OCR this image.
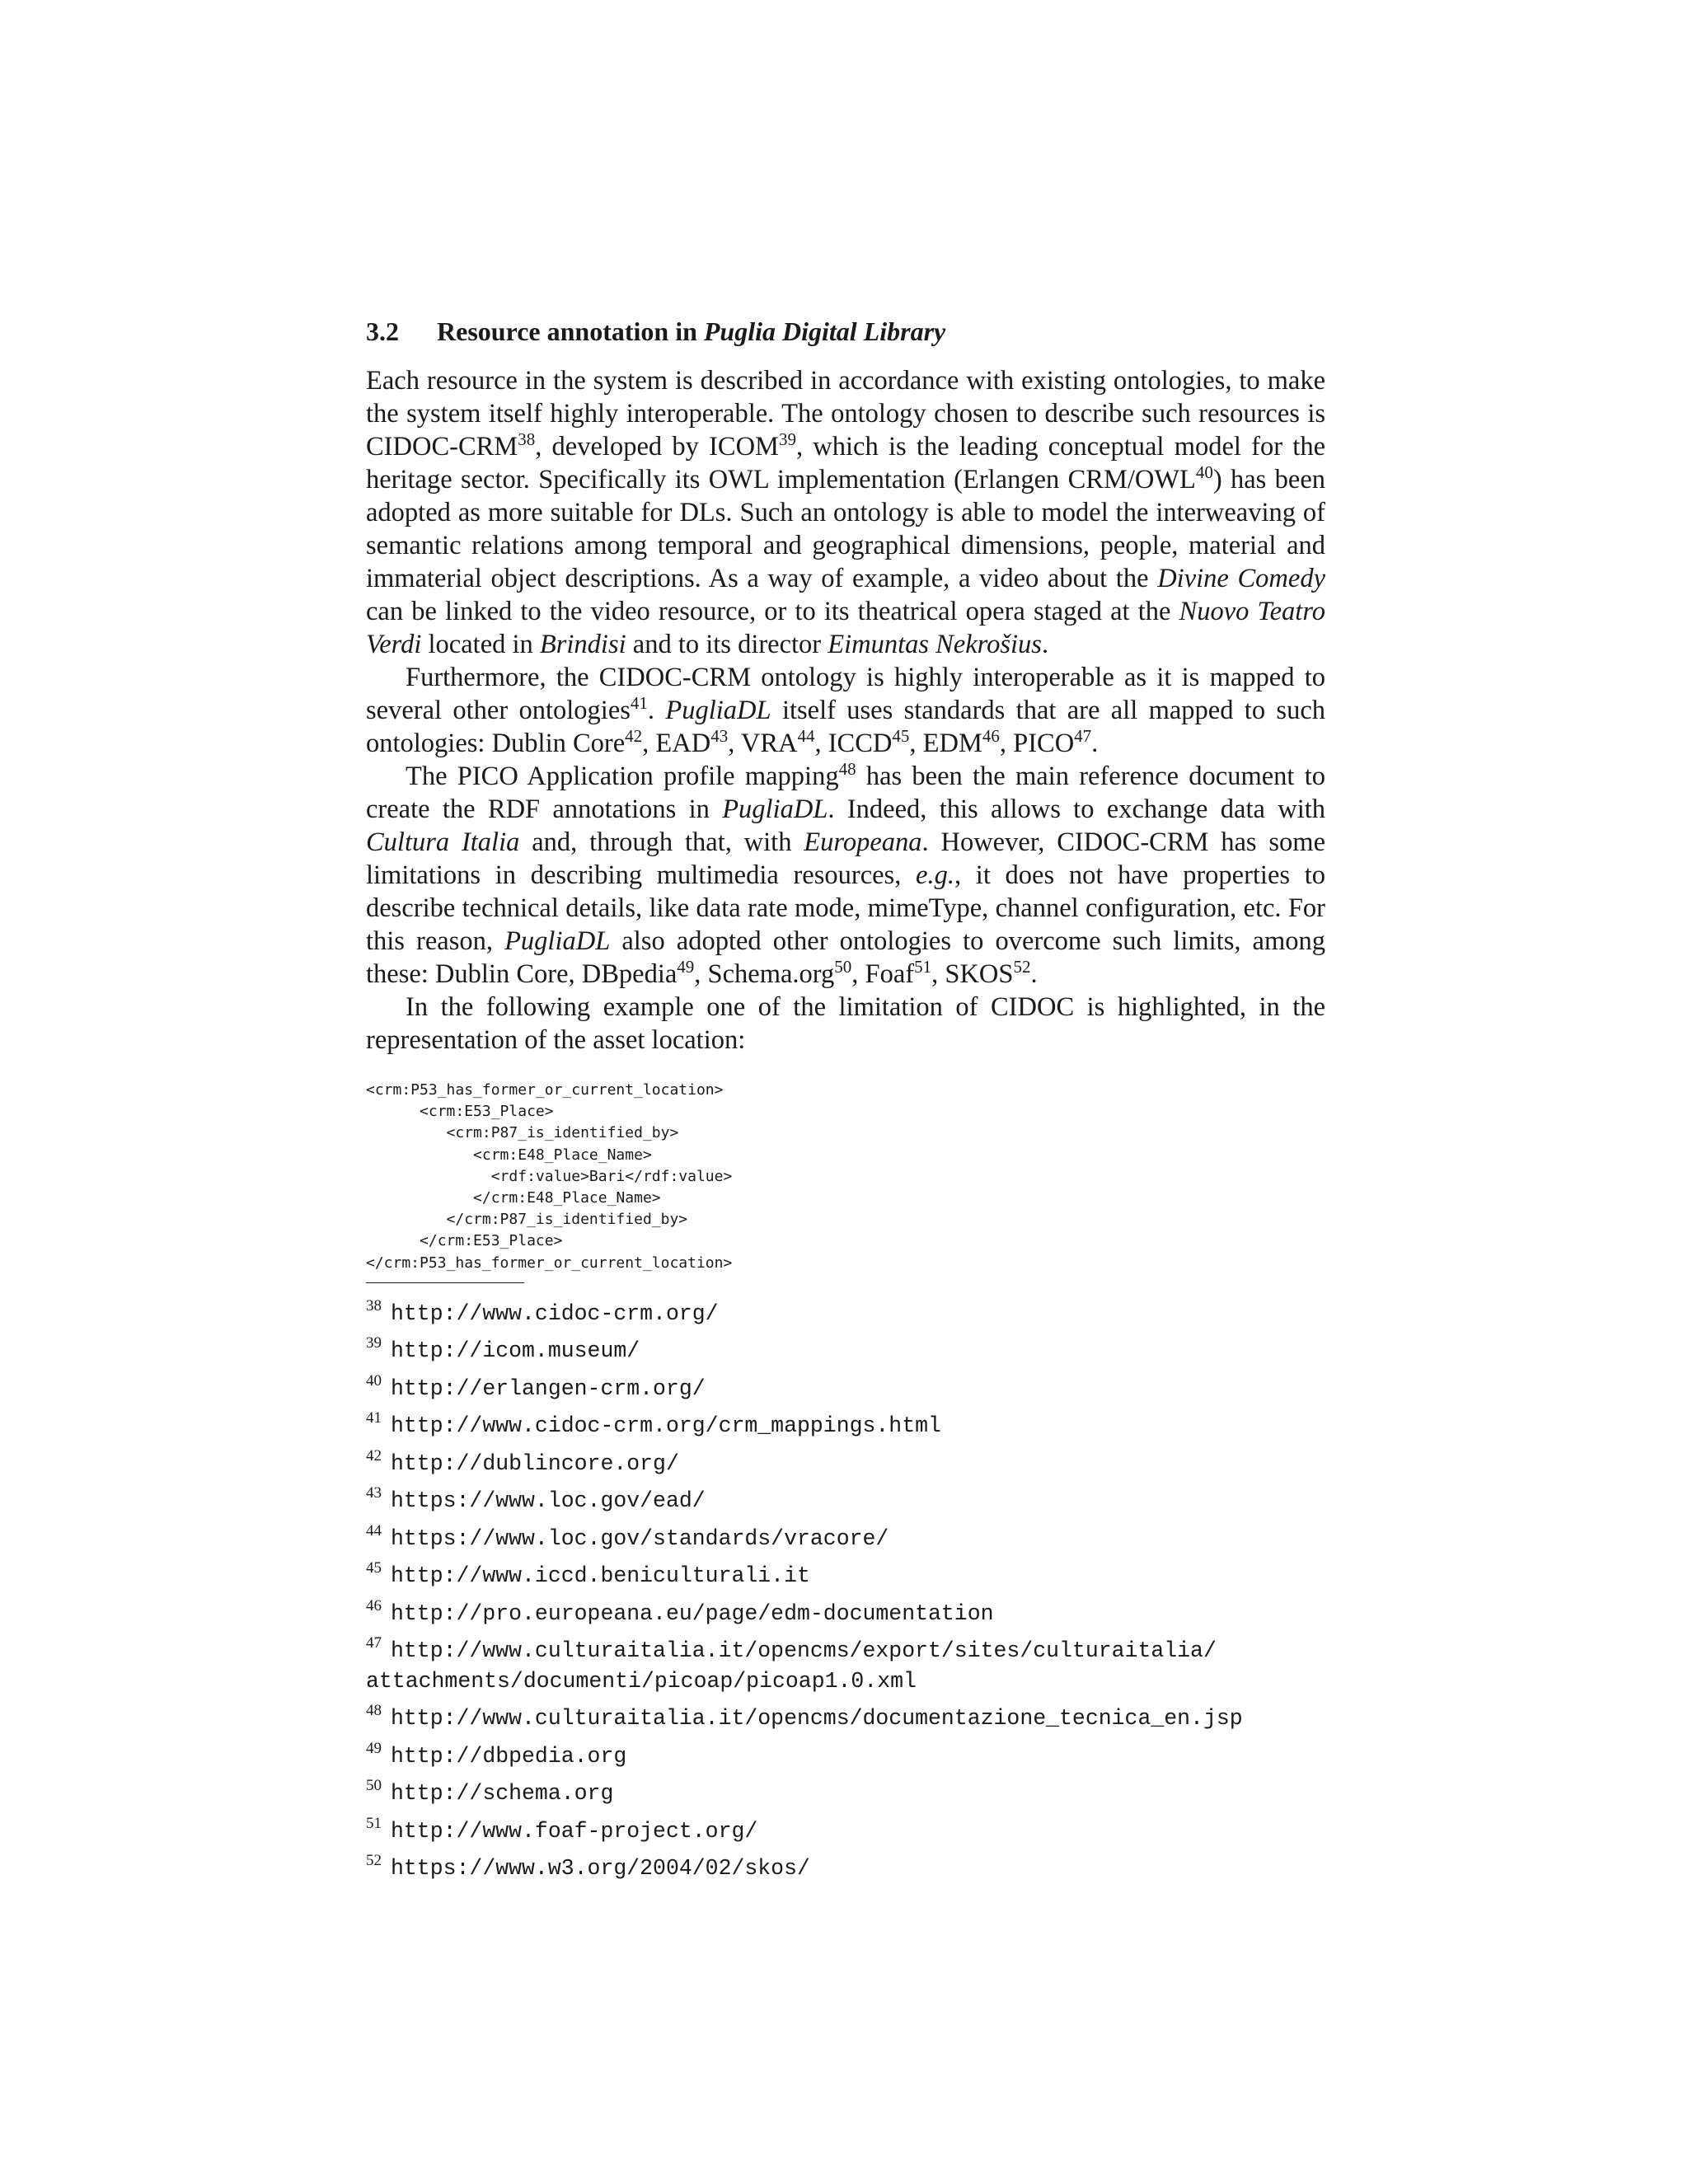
3.2 Resource annotation in Puglia Digital Library

Each resource in the system is described in accordance with existing ontologies, to make the system itself highly interoperable. The ontology chosen to describe such resources is CIDOC-CRM$^{38}$, developed by ICOM$^{39}$, which is the leading conceptual model for the heritage sector. Specifically its OWL implementation (Erlangen CRM/OWL$^{40}$) has been adopted as more suitable for DLs. Such an ontology is able to model the interweaving of semantic relations among temporal and geographical dimensions, people, material and immaterial object descriptions. As a way of example, a video about the Divine Comedy can be linked to the video resource, or to its theatrical opera staged at the Nuovo Teatro Verdi located in Brindisi and to its director Eimuntas Nekrošius.

Furthermore, the CIDOC-CRM ontology is highly interoperable as it is mapped to several other ontologies$^{41}$. PugliaDL itself uses standards that are all mapped to such ontologies: Dublin Core$^{42}$, EAD$^{43}$, VRA$^{44}$, ICCD$^{45}$, EDM$^{46}$, PICO$^{47}$.

The PICO Application profile mapping$^{48}$ has been the main reference document to create the RDF annotations in PugliaDL. Indeed, this allows to exchange data with Cultura Italia and, through that, with Europeana. However, CIDOC-CRM has some limitations in describing multimedia resources, e.g., it does not have properties to describe technical details, like data rate mode, mimeType, channel configuration, etc. For this reason, PugliaDL also adopted other ontologies to overcome such limits, among these: Dublin Core, DBpedia$^{49}$, Schema.org$^{50}$, Foaf$^{51}$, SKOS$^{52}$.

In the following example one of the limitation of CIDOC is highlighted, in the representation of the asset location:

<crm:P53_has_former_or_current_location>
<crm:E53_Place>
<crm:P87_is_identified_by>
<crm:E48_Place_Name>
<rdf:value>Bari</rdf:value>
</crm:E48_Place_Name>
</crm:P87_is_identified_by>
</crm:E53_Place>
</crm:P53_has_former_or_current_location>
38 http://www.cidoc-crm.org/
39 http://icom.museum/
40 http://erlangen-crm.org/
41 http://www.cidoc-crm.org/crm_mappings.html
42 http://dublincore.org/
43 https://www.loc.gov/ead/
44 https://www.loc.gov/standards/vracore/
45 http://www.iccd.beniculturali.it
46 http://pro.europeana.eu/page/edm-documentation
47 http://www.culturaitalia.it/opencms/export/sites/culturaitalia/
attachments/documenti/picoap/picoap1.0.xml
48 http://www.culturaitalia.it/opencms/documentazione_tecnica_en.jsp
49 http://dbpedia.org
50 http://schema.org
51 http://www.foaf-project.org/
52 https://www.w3.org/2004/02/skos/
